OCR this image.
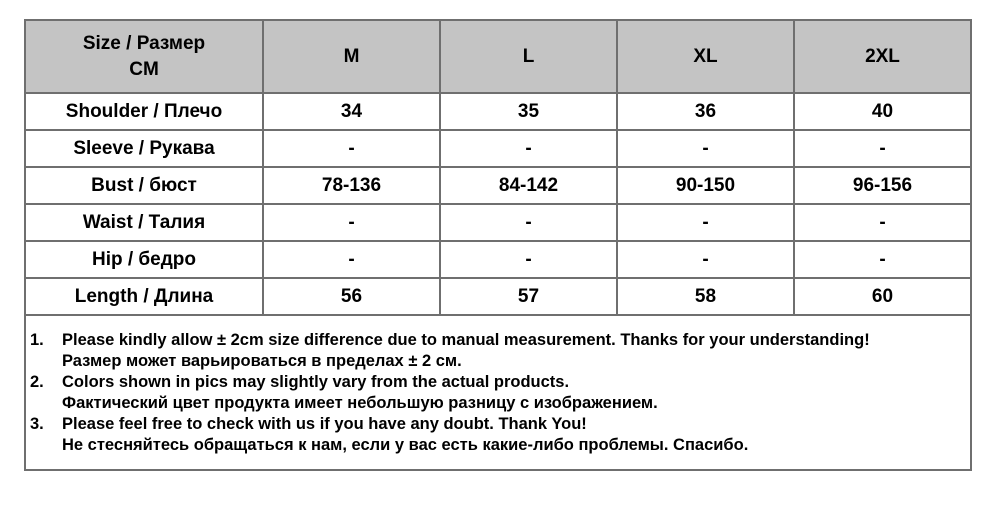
Size / Размер
CM	M	L	XL	2XL
Shoulder / Плечо	34	35	36	40
Sleeve / Рукава	-	-	-	-
Bust / бюст	78-136	84-142	90-150	96-156
Waist / Талия	-	-	-	-
Hip / бедро	-	-	-	-
Length / Длина	56	57	58	60
1.	Please kindly allow ± 2cm size difference due to manual measurement. Thanks for your understanding!
Размер может варьироваться в пределах ± 2 см.
2.	Colors shown in pics may slightly vary from the actual products.
Фактический цвет продукта имеет небольшую разницу с изображением.
3.	Please feel free to check with us if you have any doubt. Thank You!
Не стесняйтесь обращаться к нам, если у вас есть какие-либо проблемы. Спасибо.
